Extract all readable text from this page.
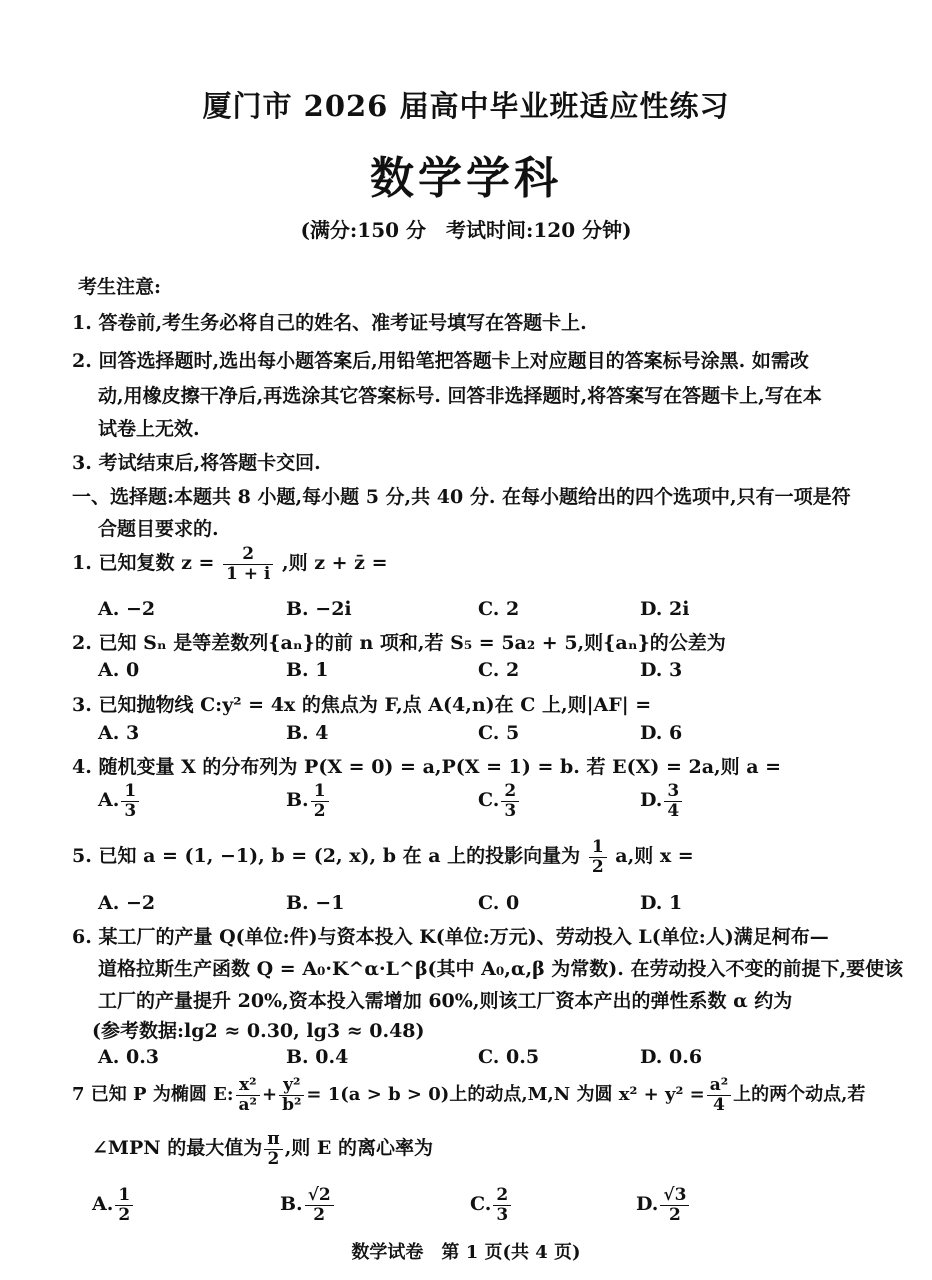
厦门市 2026 届高中毕业班适应性练习
数学学科
(满分:150 分　考试时间:120 分钟)
考生注意:
1. 答卷前,考生务必将自己的姓名、准考证号填写在答题卡上.
2. 回答选择题时,选出每小题答案后,用铅笔把答题卡上对应题目的答案标号涂黑. 如需改
动,用橡皮擦干净后,再选涂其它答案标号. 回答非选择题时,将答案写在答题卡上,写在本
试卷上无效.
3. 考试结束后,将答题卡交回.
一、选择题:本题共 8 小题,每小题 5 分,共 40 分. 在每小题给出的四个选项中,只有一项是符
合题目要求的.
1. 已知复数 $z = \frac{2}{1 + i}$ ,则 z + z̄ =
A. −2	B. −2i	C. 2	D. 2i
2. 已知 Sₙ 是等差数列{aₙ}的前 n 项和,若 S₅ = 5a₂ + 5,则{aₙ}的公差为
A. 0	B. 1	C. 2	D. 3
3. 已知抛物线 C:y² = 4x 的焦点为 F,点 A(4,n)在 C 上,则|AF| =
A. 3	B. 4	C. 5	D. 6
4. 随机变量 X 的分布列为 P(X = 0) = a,P(X = 1) = b. 若 E(X) = 2a,则 a =
A. $\frac{1}{3}$	B. $\frac{1}{2}$	C. $\frac{2}{3}$	D. $\frac{3}{4}$
5. 已知 a = (1, −1), b = (2, x), b 在 a 上的投影向量为 $\frac{1}{2} a$,则 x =
A. −2	B. −1	C. 0	D. 1
6. 某工厂的产量 Q(单位:件)与资本投入 K(单位:万元)、劳动投入 L(单位:人)满足柯布—
道格拉斯生产函数 Q = A₀·K^α·L^β(其中 A₀,α,β 为常数). 在劳动投入不变的前提下,要使该
工厂的产量提升 20%,资本投入需增加 60%,则该工厂资本产出的弹性系数 α 约为
(参考数据:lg2 ≈ 0.30, lg3 ≈ 0.48)
A. 0.3	B. 0.4	C. 0.5	D. 0.6
7 已知 P 为椭圆 E: $\frac{\text{x²}}{\text{a²}} + \frac{\text{y²}}{\text{b²}} = 1(a > b > 0)$上的动点,M,N 为圆 $x^2 + y^2 = \frac{\text{a²}}{4}$ 上的两个动点,若
∠MPN 的最大值为 $\frac{\pi}{2}$ ,则 E 的离心率为
A. $\frac{1}{2}$	B. $\frac{√2}{2}$	C. $\frac{2}{3}$	D. $\frac{√3}{2}$
数学试卷　第 1 页(共 4 页)
